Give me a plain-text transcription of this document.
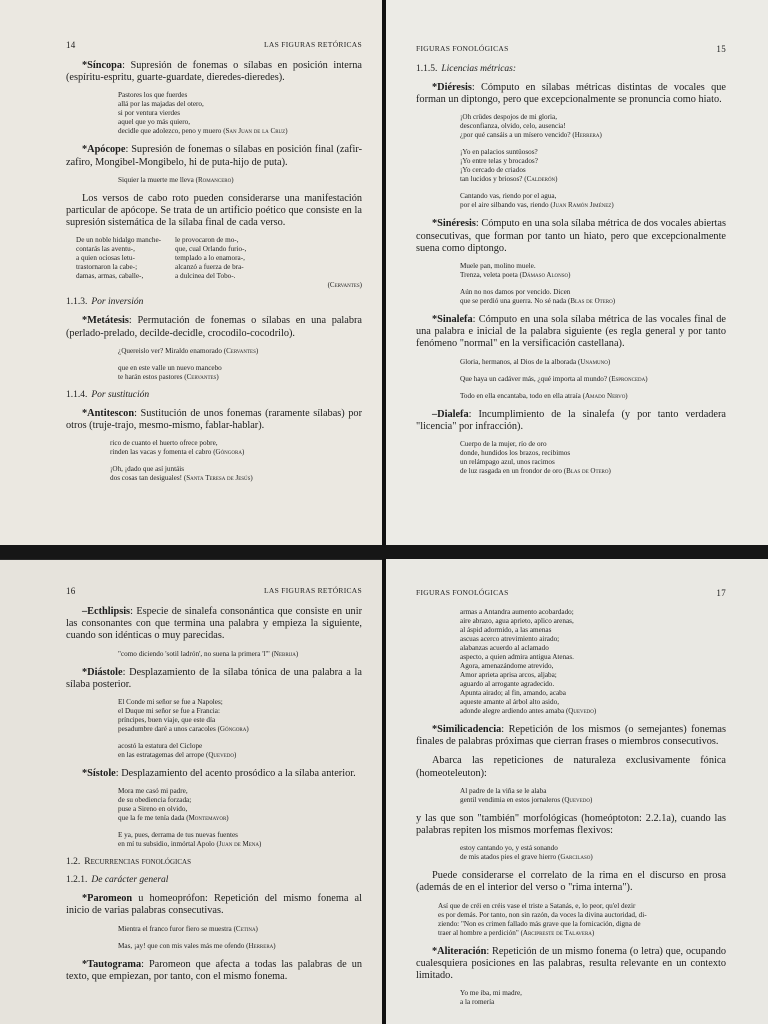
14	LAS FIGURAS RETÓRICAS

*Síncopa: Supresión de fonemas o sílabas en posición interna (espíritu-espritu, guarte-guardate, dieredes-dieredes).

Pastores los que fuerdes
allá por las majadas del otero,
si por ventura vierdes
aquel que yo más quiero,
decidle que adolezco, peno y muero (San Juan de la Cruz)

*Apócope: Supresión de fonemas o sílabas en posición final (zafir-zafiro, Mongibel-Mongibelo, hi de puta-hijo de puta).

Siquier la muerte me lleva (Romancero)

Los versos de cabo roto pueden considerarse una manifestación particular de apócope. Se trata de un artificio poético que consiste en la supresión sistemática de la sílaba final de cada verso.

De un noble hidalgo manche-
contarás las aventu-,
a quien ociosas letu-
trastornaron la cabe-;
damas, armas, caballe-,
le provocaron de mo-,
que, cual Orlando furio-,
templado a lo enamora-,
alcanzó a fuerza de bra-
a dulcinea del Tobo-.
(Cervantes)
1.1.3. Por inversión

*Metátesis: Permutación de fonemas o sílabas en una palabra (perlado-prelado, decilde-decidle, crocodilo-cocodrilo).

¿Quereislo ver? Miraldo enamorado (Cervantes)
que en este valle un nuevo mancebo
te harán estos pastores (Cervantes)
1.1.4. Por sustitución

*Antitescon: Sustitución de unos fonemas (raramente sílabas) por otros (truje-trajo, mesmo-mismo, fablar-hablar).

rico de cuanto el huerto ofrece pobre,
rinden las vacas y fomenta el cabro (Góngora)
¡Oh, ¡dado que así juntáis
dos cosas tan desiguales! (Santa Teresa de Jesús)
FIGURAS FONOLÓGICAS	15
1.1.5. Licencias métricas:

*Diéresis: Cómputo en sílabas métricas distintas de vocales que forman un diptongo, pero que excepcionalmente se pronuncia como hiato.

¡Oh crüdes despojos de mi gloria,
desconfianza, olvido, celo, ausencia!
¿por qué cansáis a un mísero vencido? (Herrera)
¡Yo en palacios suntüosos?
¡Yo entre telas y brocados?
¡Yo cercado de criados
tan lucidos y briosos? (Calderón)
Cantando vas, riendo por el agua,
por el aire silbando vas, riendo (Juan Ramón Jiménez)

*Sinéresis: Cómputo en una sola sílaba métrica de dos vocales abiertas consecutivas, que forman por tanto un hiato, pero que excepcionalmente suena como diptongo.

Muele pan, molino muele.
Trenza, veleta poeta (Dámaso Alonso)
Aún no nos damos por vencido. Dicen
que se perdió una guerra. No sé nada (Blas de Otero)

*Sinalefa: Cómputo en una sola sílaba métrica de las vocales final de una palabra e inicial de la palabra siguiente (es regla general y por tanto fenómeno "normal" en la versificación castellana).

Gloria, hermanos, al Dios de la alborada (Unamuno)
Que haya un cadáver más, ¿qué importa al mundo? (Espronceda)
Todo en ella encantaba, todo en ella atraía (Amado Nervo)

–Dialefa: Incumplimiento de la sinalefa (y por tanto verdadera "licencia" por infracción).

Cuerpo de la mujer, río de oro
donde, hundidos los brazos, recibimos
un relámpago azul, unos racimos
de luz rasgada en un frondor de oro (Blas de Otero)
16	LAS FIGURAS RETÓRICAS

–Ecthlipsis: Especie de sinalefa consonántica que consiste en unir las consonantes con que termina una palabra y empieza la siguiente, cuando son idénticas o muy parecidas.

"como diciendo 'sotil ladrón', no suena la primera 'l'" (Nebrija)

*Diástole: Desplazamiento de la sílaba tónica de una palabra a la sílaba posterior.

El Conde mi señor se fue a Napoles;
el Duque mi señor se fue a Francia:
príncipes, buen viaje, que este día
pesadumbre daré a unos caracoles (Góngora)
acostó la estatura del Ciclope
en las estratagemas del arrope (Quevedo)

*Sístole: Desplazamiento del acento prosódico a la sílaba anterior.

Mora me casó mi padre,
de su obediencia forzada;
puse a Sireno en olvido,
que la fe me tenía dada (Montemayor)
E ya, pues, derrama de tus nuevas fuentes
en mí tu subsidio, inmórtal Apolo (Juan de Mena)
1.2. Recurrencias fonológicas
1.2.1. De carácter general

*Paromeon u homeoprófon: Repetición del mismo fonema al inicio de varias palabras consecutivas.

Mientra el franco furor fiero se muestra (Cetina)
Mas, ¡ay! que con mis vales más me ofendo (Herrera)

*Tautograma: Paromeon que afecta a todas las palabras de un texto, que empiezan, por tanto, con el mismo fonema.

FIGURAS FONOLÓGICAS	17
armas a Antandra aumento acobardado;
aire abrazo, agua aprieto, aplico arenas,
al áspid adormido, a las amenas
ascuas acerco atrevimiento airado;
alabanzas acuerdo al aclamado
aspecto, a quien admira antigua Atenas.
Agora, amenazándome atrevido,
Amor aprieta aprisa arcos, aljaba;
aguardo al arrogante agradecido.
Apunta airado; al fin, amando, acaba
aqueste amante al árbol alto asido,
adonde alegre ardiendo antes amaba (Quevedo)

*Similicadencia: Repetición de los mismos (o semejantes) fonemas finales de palabras próximas que cierran frases o miembros consecutivos.

Abarca las repeticiones de naturaleza exclusivamente fónica (homeoteleuton):

Al padre de la viña se le alaba
gentil vendimia en estos jornaleros (Quevedo)

y las que son "también" morfológicas (homeóptoton: 2.2.1a), cuando las palabras repiten los mismos morfemas flexivos:

estoy cantando yo, y está sonando
de mis atados pies el grave hierro (Garcilaso)

Puede considerarse el correlato de la rima en el discurso en prosa (además de en el interior del verso o "rima interna").

Así que de créi en créis vase el triste a Satanás, e, lo peor, qu'el dezir
es por demás. Por tanto, non sin razón, da voces la divina auctoridad, di-
ziendo: "Non es crimen fallado más grave que la fornicación, digna de
traer al hombre a perdición" (Arcipreste de Talavera)

*Aliteración: Repetición de un mismo fonema (o letra) que, ocupando cualesquiera posiciones en las palabras, resulta relevante en un contexto limitado.

Yo me iba, mi madre,
a la romería
